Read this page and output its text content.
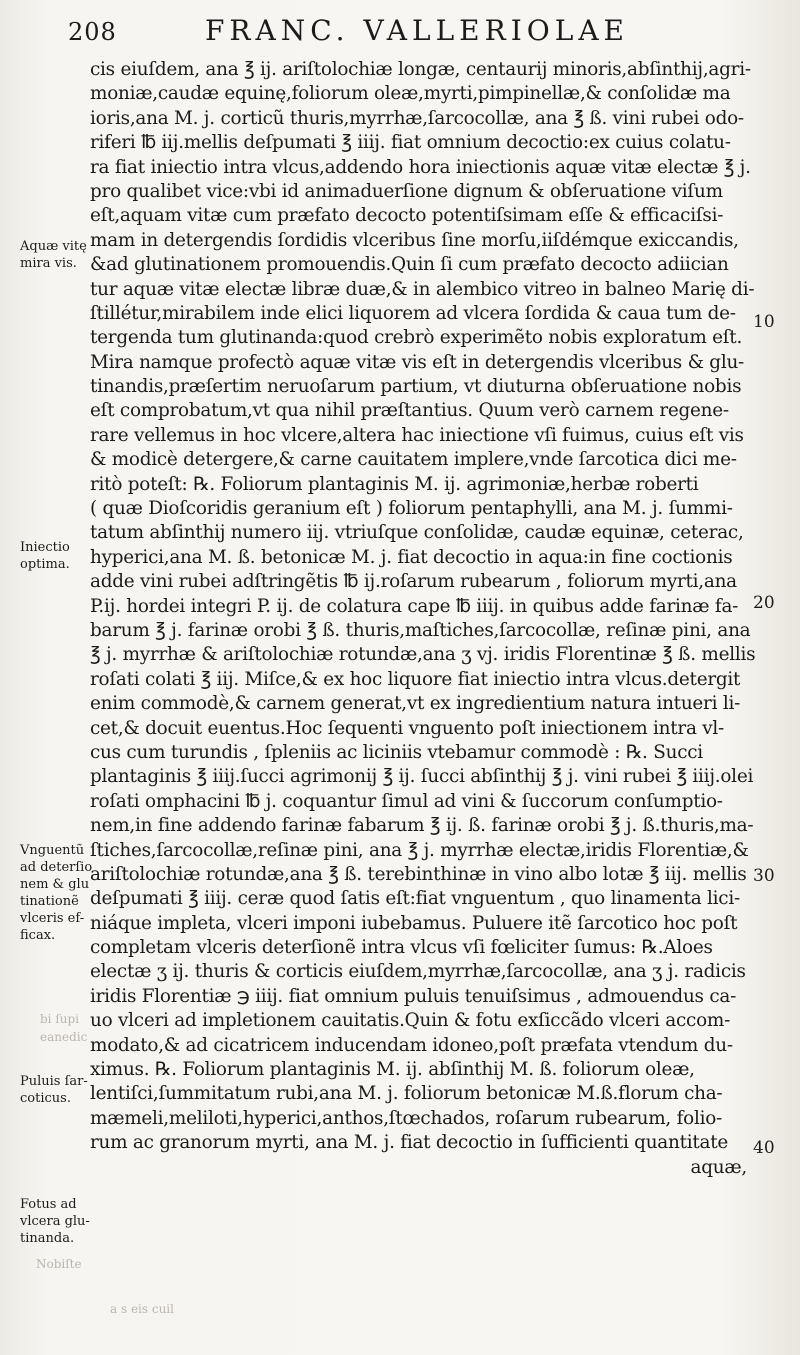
208	FRANC. VALLERIOLAE
cis eiuſdem, ana ℥ ij. ariſtolochiæ longæ, centaurij minoris,abſinthij,agri-
moniæ,caudæ equinę,foliorum oleæ,myrti,pimpinellæ,& conſolidæ ma
ioris,ana M. j. corticũ thuris,myrrhæ,ſarcocollæ, ana ℥ ß. vini rubei odo-
riferi ℔ iij.mellis deſpumati ℥ iiij. fiat omnium decoctio:ex cuius colatu-
ra fiat iniectio intra vlcus,addendo hora iniectionis aquæ vitæ electæ ℥ j.
pro qualibet vice:vbi id animaduerſione dignum & obſeruatione viſum
eſt,aquam vitæ cum præfato decocto potentiſsimam eſſe & efficaciſsi-
mam in detergendis ſordidis vlceribus ſine morſu,iiſdémque exiccandis,
&ad glutinationem promouendis.Quin ſi cum præfato decocto adiician
tur aquæ vitæ electæ libræ duæ,& in alembico vitreo in balneo Marię di-
ſtillétur,mirabilem inde elici liquorem ad vlcera ſordida & caua tum de-
tergenda tum glutinanda:quod crebrò experimẽto nobis exploratum eſt.
Mira namque profectò aquæ vitæ vis eſt in detergendis vlceribus & glu-
tinandis,præſertim neruoſarum partium, vt diuturna obſeruatione nobis
eſt comprobatum,vt qua nihil præſtantius. Quum verò carnem regene-
rare vellemus in hoc vlcere,altera hac iniectione vſi fuimus, cuius eſt vis
& modicè detergere,& carne cauitatem implere,vnde ſarcotica dici me-
ritò poteſt: ℞. Foliorum plantaginis M. ij. agrimoniæ,herbæ roberti
( quæ Dioſcoridis geranium eſt ) foliorum pentaphylli, ana M. j. ſummi-
tatum abſinthij numero iij. vtriuſque conſolidæ, caudæ equinæ, ceterac,
hyperici,ana M. ß. betonicæ M. j. fiat decoctio in aqua:in fine coctionis
adde vini rubei adſtringẽtis ℔ ij.roſarum rubearum , foliorum myrti,ana
P.ij. hordei integri P. ij. de colatura cape ℔ iiij. in quibus adde farinæ fa-
barum ℥ j. farinæ orobi ℥ ß. thuris,maſtiches,ſarcocollæ, reſinæ pini, ana
℥ j. myrrhæ & ariſtolochiæ rotundæ,ana ʒ vj. iridis Florentinæ ℥ ß. mellis
roſati colati ℥ iij. Miſce,& ex hoc liquore fiat iniectio intra vlcus.detergit
enim commodè,& carnem generat,vt ex ingredientium natura intueri li-
cet,& docuit euentus.Hoc ſequenti vnguento poſt iniectionem intra vl-
cus cum turundis , ſpleniis ac liciniis vtebamur commodè : ℞. Succi
plantaginis ℥ iiij.ſucci agrimonij ℥ ij. ſucci abſinthij ℥ j. vini rubei ℥ iiij.olei
roſati omphacini ℔ j. coquantur ſimul ad vini & ſuccorum conſumptio-
nem,in fine addendo farinæ fabarum ℥ ij. ß. farinæ orobi ℥ j. ß.thuris,ma-
ſtiches,ſarcocollæ,reſinæ pini, ana ℥ j. myrrhæ electæ,iridis Florentiæ,&
ariſtolochiæ rotundæ,ana ℥ ß. terebinthinæ in vino albo lotæ ℥ iij. mellis
deſpumati ℥ iiij. ceræ quod ſatis eſt:fiat vnguentum , quo linamenta lici-
niáque impleta, vlceri imponi iubebamus. Puluere itẽ ſarcotico hoc poſt
completam vlceris deterſionẽ intra vlcus vſi fœliciter ſumus: ℞.Aloes
electæ ʒ ij. thuris & corticis eiuſdem,myrrhæ,ſarcocollæ, ana ʒ j. radicis
iridis Florentiæ ℈ iiij. fiat omnium puluis tenuiſsimus , admouendus ca-
uo vlceri ad impletionem cauitatis.Quin & fotu exſiccãdo vlceri accom-
modato,& ad cicatricem inducendam idoneo,poſt præfata vtendum du-
ximus. ℞. Foliorum plantaginis M. ij. abſinthij M. ß. foliorum oleæ,
lentiſci,ſummitatum rubi,ana M. j. foliorum betonicæ M.ß.florum cha-
mæmeli,meliloti,hyperici,anthos,ſtœchados, roſarum rubearum, folio-
rum ac granorum myrti, ana M. j. fiat decoctio in ſufficienti quantitate
aquæ,
Aquæ vitę mira vis.
Iniectio optima.
Vnguentũ ad deterſio nem & glu tinationẽ vlceris ef- ficax.
Puluis ſar- coticus.
Fotus ad vlcera glu- tinanda.
10
20
30
40
bi ſupi
eanedic
Nobiſte
a s eis cuil
